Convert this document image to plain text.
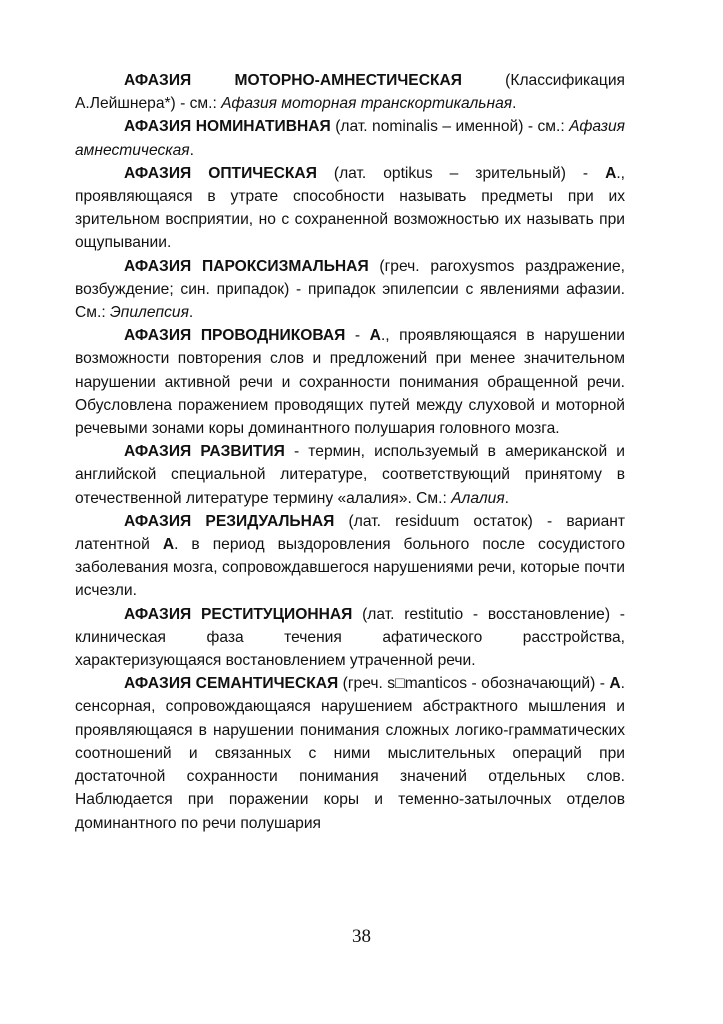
АФАЗИЯ МОТОРНО-АМНЕСТИЧЕСКАЯ (Классификация А.Лейшнера*) - см.: Афазия моторная транскортикальная.

АФАЗИЯ НОМИНАТИВНАЯ (лат. nominalis – именной) - см.: Афазия амнестическая.

АФАЗИЯ ОПТИЧЕСКАЯ (лат. optikus – зрительный) - А., проявляющаяся в утрате способности называть предметы при их зрительном восприятии, но с сохраненной возможностью их называть при ощупывании.

АФАЗИЯ ПАРОКСИЗМАЛЬНАЯ (греч. paroxysmos раздражение, возбуждение; син. припадок) - припадок эпилепсии с явлениями афазии. См.: Эпилепсия.

АФАЗИЯ ПРОВОДНИКОВАЯ - А., проявляющаяся в нарушении возможности повторения слов и предложений при менее значительном нарушении активной речи и сохранности понимания обращенной речи. Обусловлена поражением проводящих путей между слуховой и моторной речевыми зонами коры доминантного полушария головного мозга.

АФАЗИЯ РАЗВИТИЯ - термин, используемый в американской и английской специальной литературе, соответствующий принятому в отечественной литературе термину «алалия». См.: Алалия.

АФАЗИЯ РЕЗИДУАЛЬНАЯ (лат. residuum остаток) - вариант латентной А. в период выздоровления больного после сосудистого заболевания мозга, сопровождавшегося нарушениями речи, которые почти исчезли.

АФАЗИЯ РЕСТИТУЦИОННАЯ (лат. restitutio - восстановление) - клиническая фаза течения афатического расстройства, характеризующаяся востановлением утраченной речи.

АФАЗИЯ СЕМАНТИЧЕСКАЯ (греч. s□manticos - обозначающий) - А. сенсорная, сопровождающаяся нарушением абстрактного мышления и проявляющаяся в нарушении понимания сложных логико-грамматических соотношений и связанных с ними мыслительных операций при достаточной сохранности понимания значений отдельных слов. Наблюдается при поражении коры и теменно-затылочных отделов доминантного по речи полушария

38
